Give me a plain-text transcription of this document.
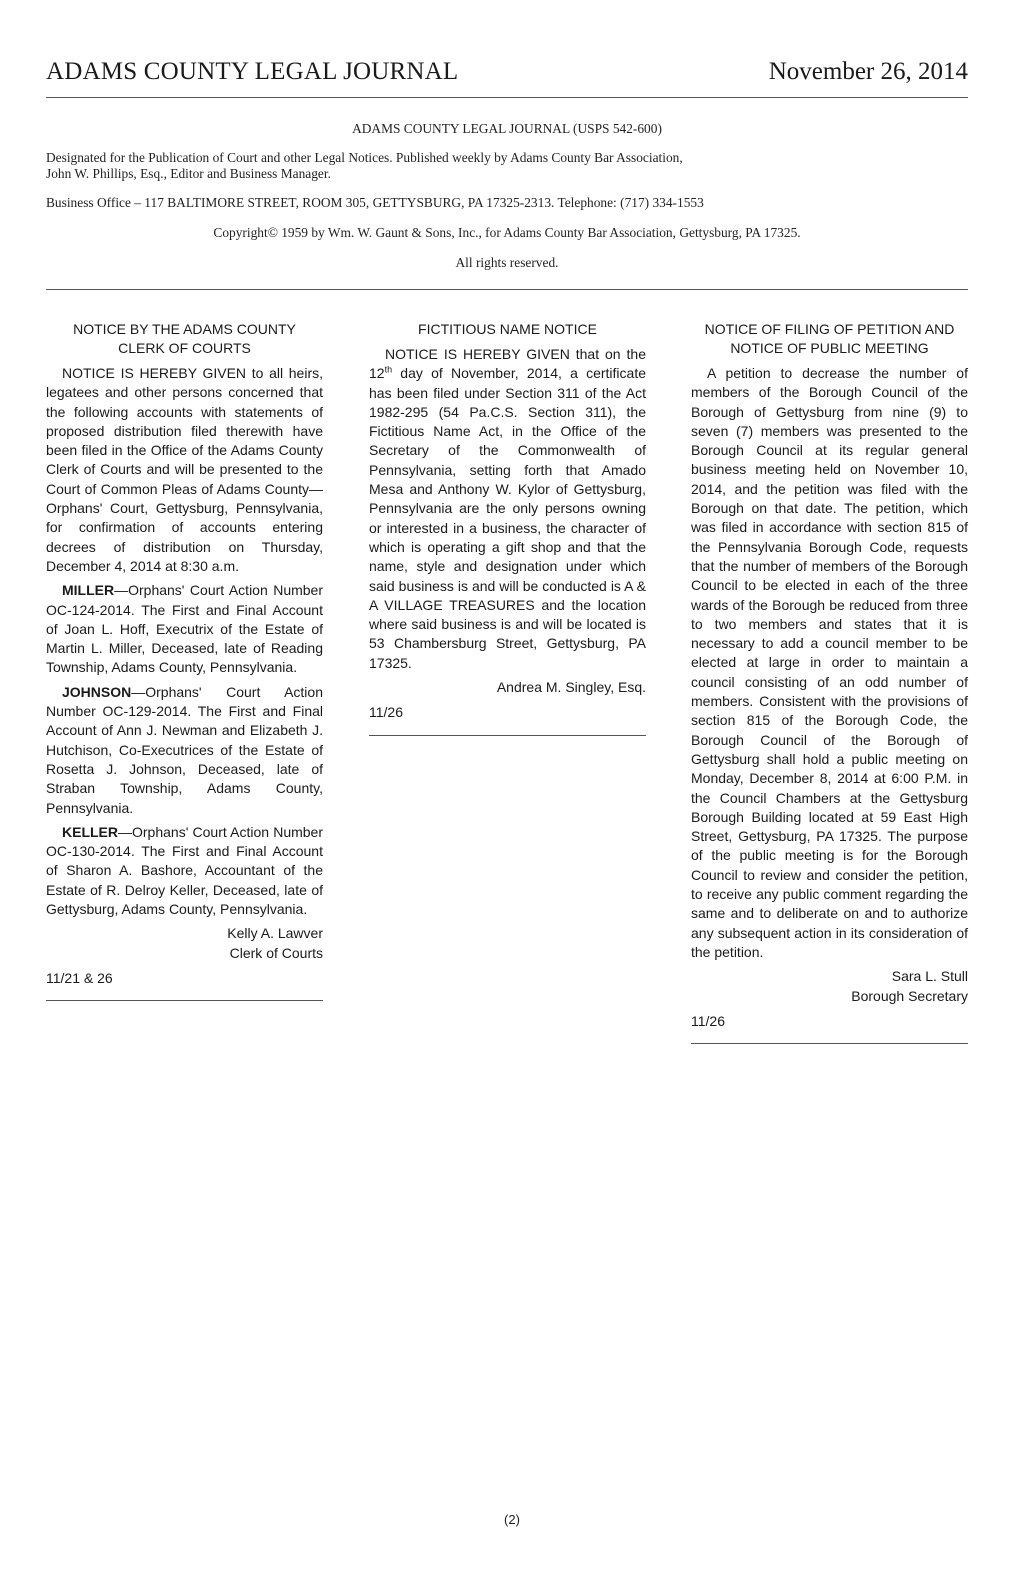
ADAMS COUNTY LEGAL JOURNAL	November 26, 2014
ADAMS COUNTY LEGAL JOURNAL (USPS 542-600)
Designated for the Publication of Court and other Legal Notices. Published weekly by Adams County Bar Association,
John W. Phillips, Esq., Editor and Business Manager.
Business Office – 117 BALTIMORE STREET, ROOM 305, GETTYSBURG, PA 17325-2313. Telephone: (717) 334-1553
Copyright© 1959 by Wm. W. Gaunt & Sons, Inc., for Adams County Bar Association, Gettysburg, PA 17325.
All rights reserved.
NOTICE BY THE ADAMS COUNTY
CLERK OF COURTS

NOTICE IS HEREBY GIVEN to all heirs, legatees and other persons concerned that the following accounts with statements of proposed distribution filed therewith have been filed in the Office of the Adams County Clerk of Courts and will be presented to the Court of Common Pleas of Adams County—Orphans' Court, Gettysburg, Pennsylvania, for confirmation of accounts entering decrees of distribution on Thursday, December 4, 2014 at 8:30 a.m.

MILLER—Orphans' Court Action Number OC-124-2014. The First and Final Account of Joan L. Hoff, Executrix of the Estate of Martin L. Miller, Deceased, late of Reading Township, Adams County, Pennsylvania.

JOHNSON—Orphans' Court Action Number OC-129-2014. The First and Final Account of Ann J. Newman and Elizabeth J. Hutchison, Co-Executrices of the Estate of Rosetta J. Johnson, Deceased, late of Straban Township, Adams County, Pennsylvania.

KELLER—Orphans' Court Action Number OC-130-2014. The First and Final Account of Sharon A. Bashore, Accountant of the Estate of R. Delroy Keller, Deceased, late of Gettysburg, Adams County, Pennsylvania.

Kelly A. Lawver
Clerk of Courts
11/21 & 26
FICTITIOUS NAME NOTICE

NOTICE IS HEREBY GIVEN that on the 12th day of November, 2014, a certificate has been filed under Section 311 of the Act 1982-295 (54 Pa.C.S. Section 311), the Fictitious Name Act, in the Office of the Secretary of the Commonwealth of Pennsylvania, setting forth that Amado Mesa and Anthony W. Kylor of Gettysburg, Pennsylvania are the only persons owning or interested in a business, the character of which is operating a gift shop and that the name, style and designation under which said business is and will be conducted is A & A VILLAGE TREASURES and the location where said business is and will be located is 53 Chambersburg Street, Gettysburg, PA 17325.

Andrea M. Singley, Esq.
11/26
NOTICE OF FILING OF PETITION AND
NOTICE OF PUBLIC MEETING

A petition to decrease the number of members of the Borough Council of the Borough of Gettysburg from nine (9) to seven (7) members was presented to the Borough Council at its regular general business meeting held on November 10, 2014, and the petition was filed with the Borough on that date. The petition, which was filed in accordance with section 815 of the Pennsylvania Borough Code, requests that the number of members of the Borough Council to be elected in each of the three wards of the Borough be reduced from three to two members and states that it is necessary to add a council member to be elected at large in order to maintain a council consisting of an odd number of members. Consistent with the provisions of section 815 of the Borough Code, the Borough Council of the Borough of Gettysburg shall hold a public meeting on Monday, December 8, 2014 at 6:00 P.M. in the Council Chambers at the Gettysburg Borough Building located at 59 East High Street, Gettysburg, PA 17325. The purpose of the public meeting is for the Borough Council to review and consider the petition, to receive any public comment regarding the same and to deliberate on and to authorize any subsequent action in its consideration of the petition.

Sara L. Stull
Borough Secretary
11/26
(2)
